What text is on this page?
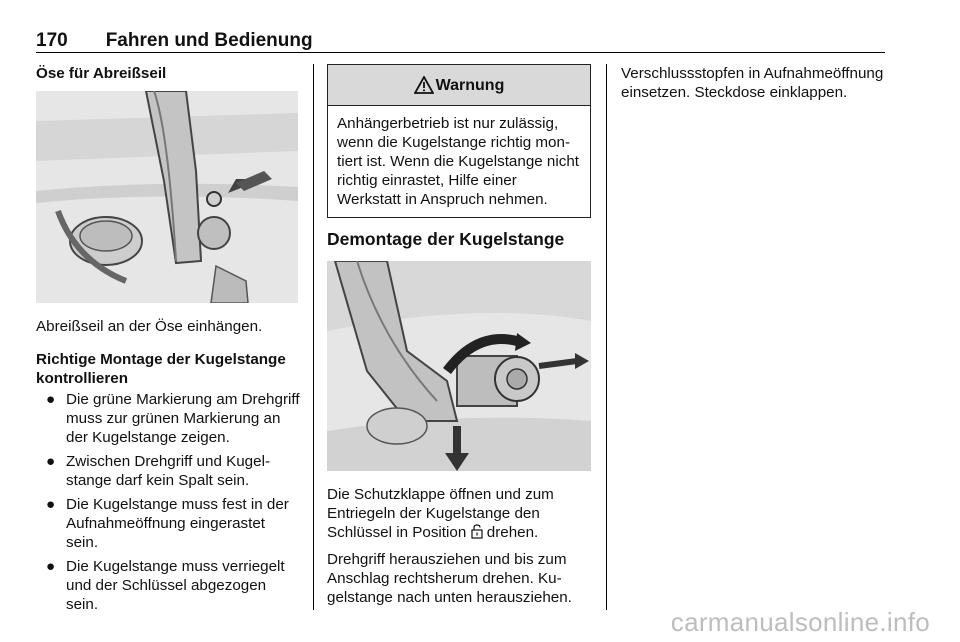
170 Fahren und Bedienung

Öse für Abreißseil

Abreißseil an der Öse einhängen.

Richtige Montage der Kugelstange kontrollieren

● Die grüne Markierung am Drehgriff muss zur grünen Markierung an der Kugelstange zeigen.
● Zwischen Drehgriff und Kugelstange darf kein Spalt sein.
● Die Kugelstange muss fest in der Aufnahmeöffnung eingerastet sein.
● Die Kugelstange muss verriegelt und der Schlüssel abgezogen sein.
Warnung
Anhängerbetrieb ist nur zulässig, wenn die Kugelstange richtig montiert ist. Wenn die Kugelstange nicht richtig einrastet, Hilfe einer Werkstatt in Anspruch nehmen.

Demontage der Kugelstange

Die Schutzklappe öffnen und zum Entriegeln der Kugelstange den Schlüssel in Position drehen.

Drehgriff herausziehen und bis zum Anschlag rechtsherum drehen. Kugelstange nach unten herausziehen.

Verschlussstopfen in Aufnahmeöffnung einsetzen. Steckdose einklappen.

carmanualsonline.info
